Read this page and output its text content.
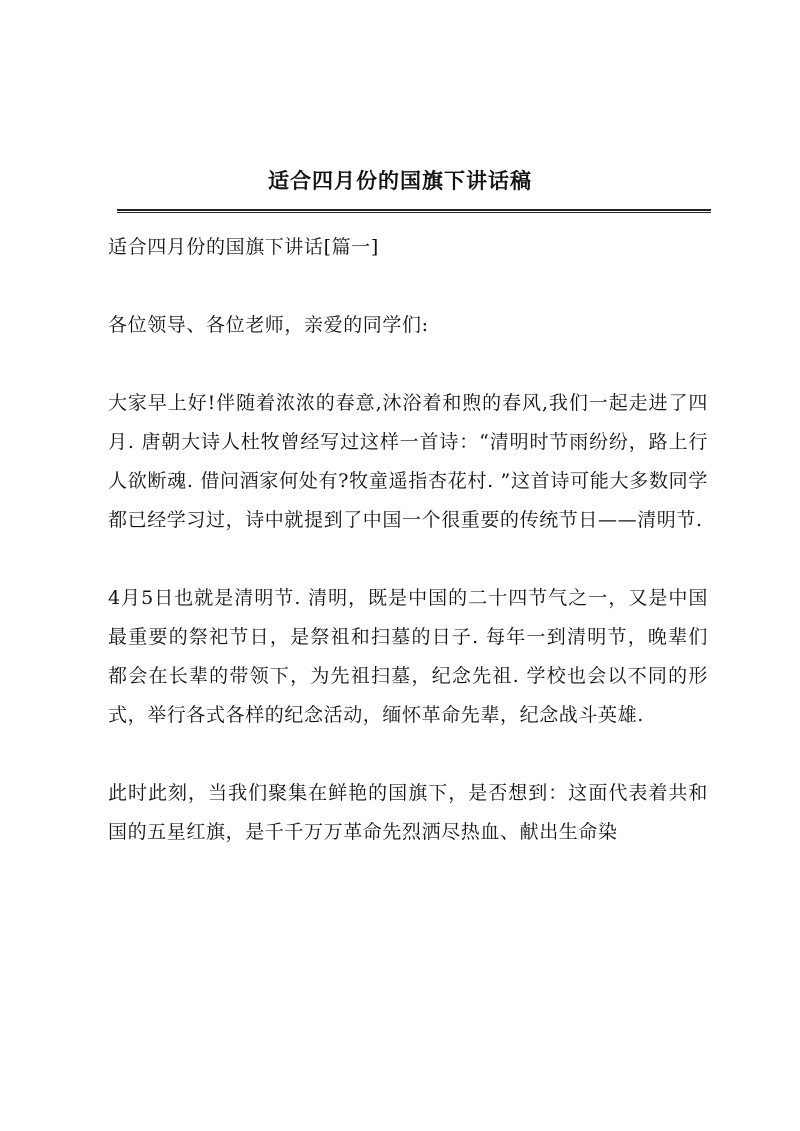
适合四月份的国旗下讲话稿

适合四月份的国旗下讲话[篇一]

各位领导、各位老师，亲爱的同学们:

大家早上好!伴随着浓浓的春意,沐浴着和煦的春风,我们一起走进了四月. 唐朝大诗人杜牧曾经写过这样一首诗：“清明时节雨纷纷，路上行人欲断魂. 借问酒家何处有?牧童遥指杏花村. ”这首诗可能大多数同学都已经学习过，诗中就提到了中国一个很重要的传统节日——清明节.

4月5日也就是清明节. 清明，既是中国的二十四节气之一，又是中国最重要的祭祀节日，是祭祖和扫墓的日子. 每年一到清明节，晚辈们都会在长辈的带领下，为先祖扫墓，纪念先祖. 学校也会以不同的形式，举行各式各样的纪念活动，缅怀革命先辈，纪念战斗英雄.

此时此刻，当我们聚集在鲜艳的国旗下，是否想到：这面代表着共和国的五星红旗，是千千万万革命先烈洒尽热血、献出生命染
